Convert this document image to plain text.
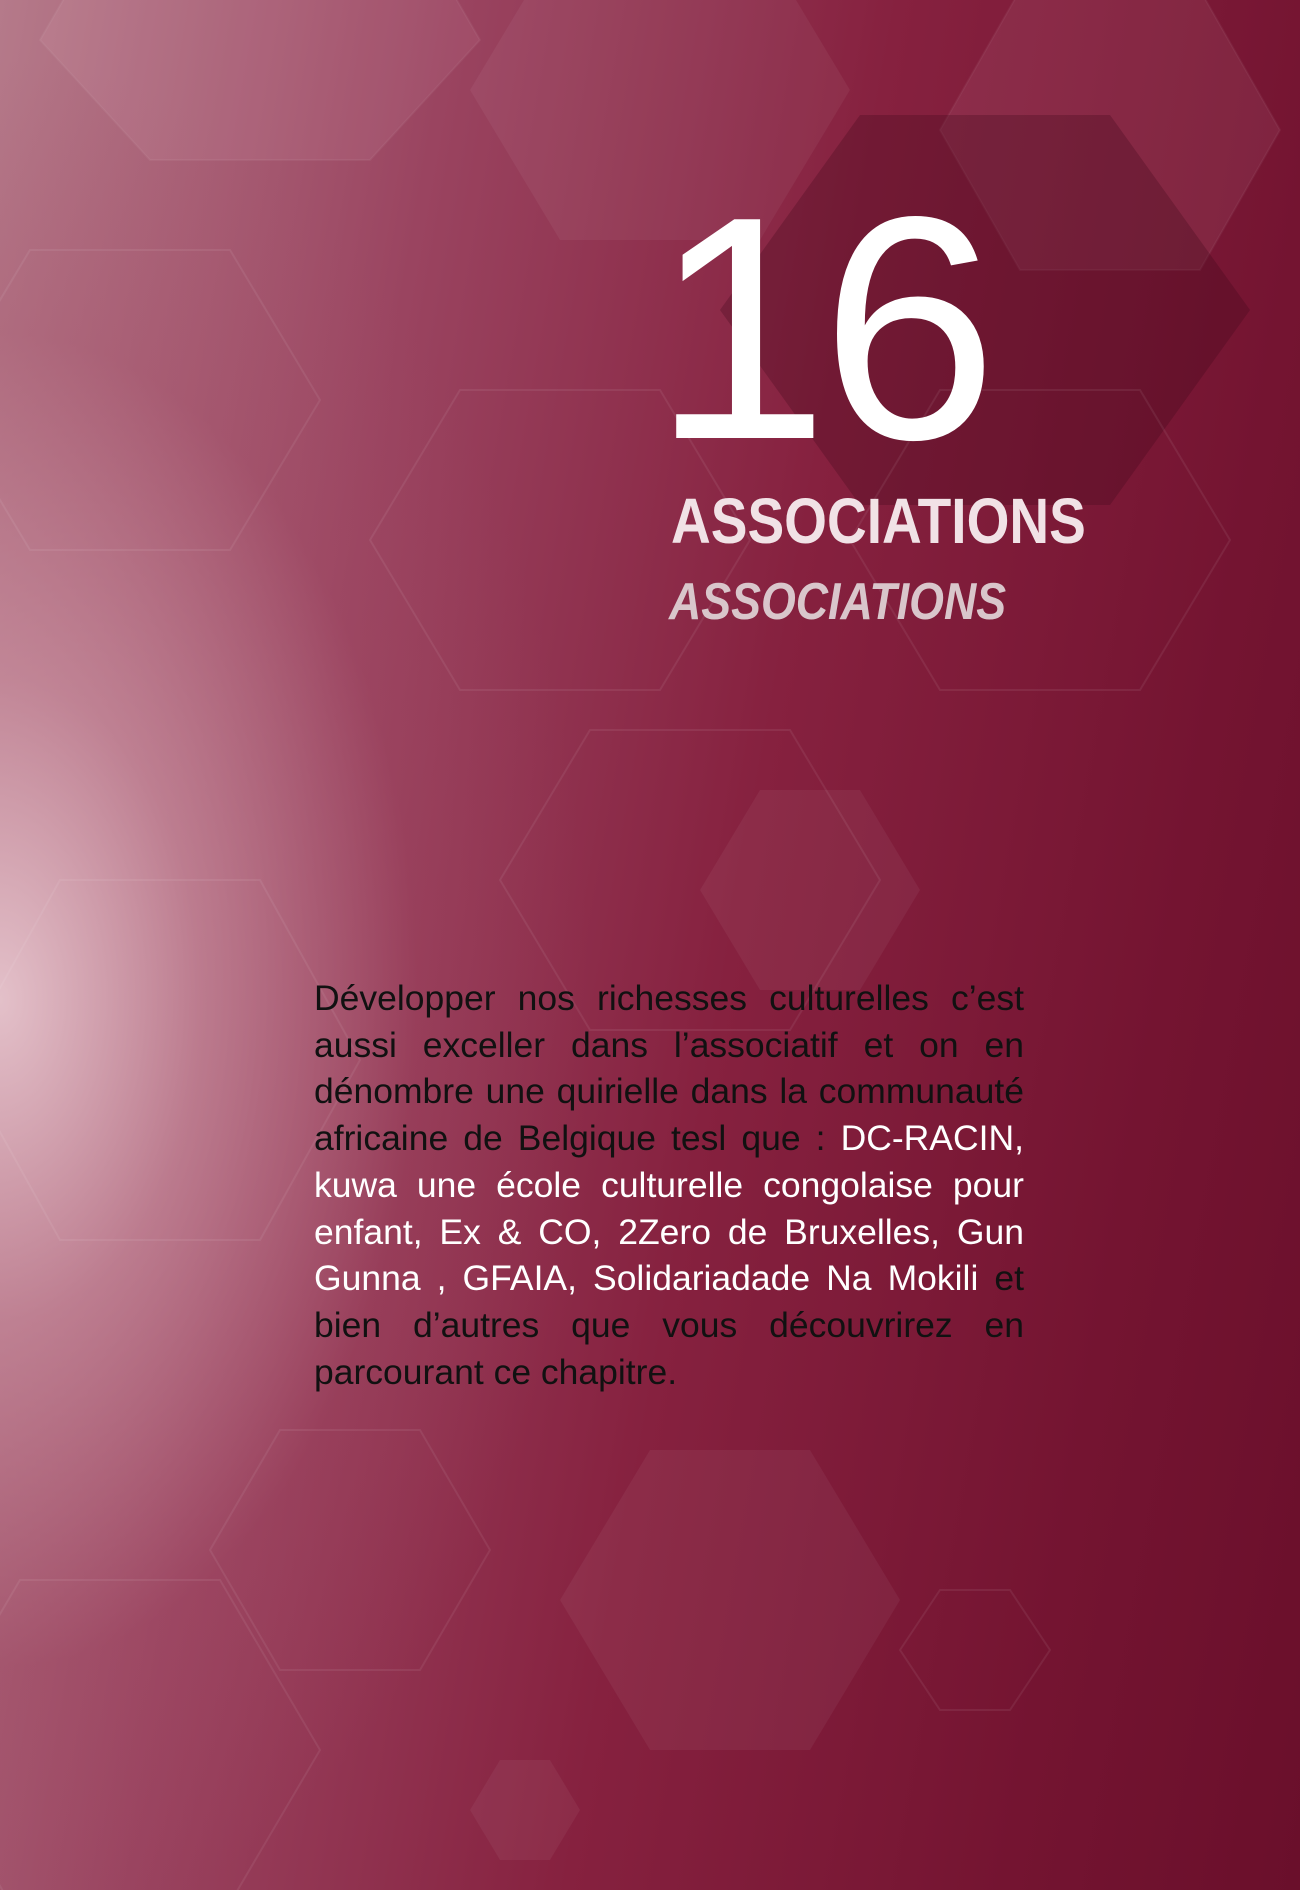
16
ASSOCIATIONS
ASSOCIATIONS
Développer nos richesses culturelles c’est aussi exceller dans l’associatif et on en dénombre une quirielle dans la communauté africaine de Belgique tesl que : DC-RACIN, kuwa une école culturelle congolaise pour enfant, Ex & CO, 2Zero de Bruxelles, Gun Gunna , GFAIA, Solidariadade Na Mokili et bien d’autres que vous découvrirez en parcourant ce chapitre.
